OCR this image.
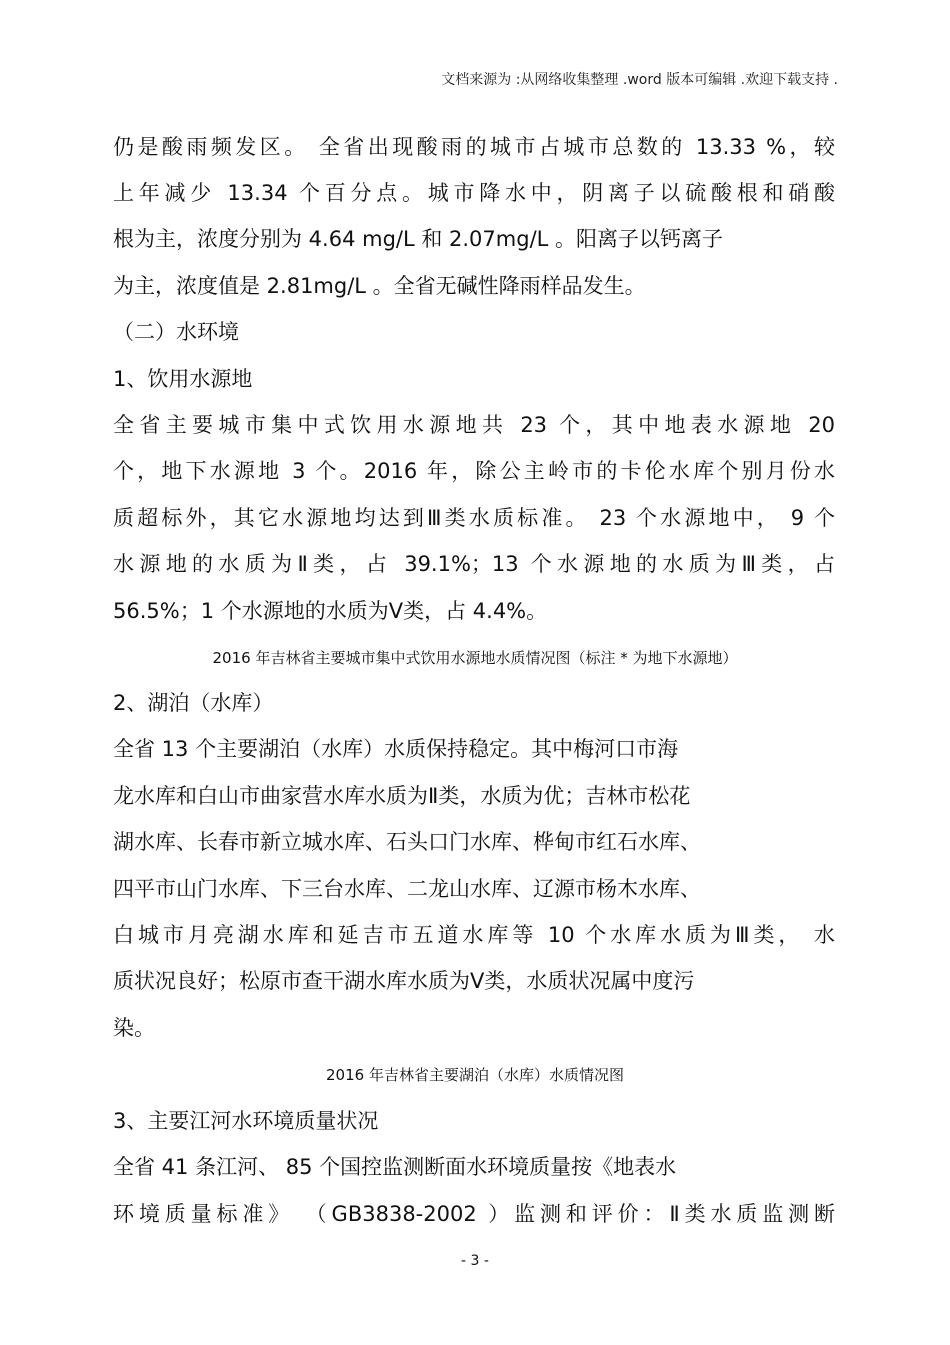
文档来源为 :从网络收集整理 .word 版本可编辑 .欢迎下载支持 .
仍是酸雨频发区。 全省出现酸雨的城市占城市总数的 13.33 %，较
上年减少 13.34 个百分点。城市降水中，阴离子以硫酸根和硝酸
根为主，浓度分别为 4.64 mg/L 和 2.07mg/L 。阳离子以钙离子
为主，浓度值是 2.81mg/L 。全省无碱性降雨样品发生。
（二）水环境
1、饮用水源地
全省主要城市集中式饮用水源地共 23 个，其中地表水源地 20
个，地下水源地 3 个。2016 年，除公主岭市的卡伦水库个别月份水
质超标外，其它水源地均达到Ⅲ类水质标准。 23 个水源地中， 9 个
水源地的水质为Ⅱ类，占 39.1%；13 个水源地的水质为Ⅲ类，占
56.5%；1 个水源地的水质为Ⅴ类，占 4.4%。
2016 年吉林省主要城市集中式饮用水源地水质情况图（标注 * 为地下水源地）
2、湖泊（水库）
全省 13 个主要湖泊（水库）水质保持稳定。其中梅河口市海
龙水库和白山市曲家营水库水质为Ⅱ类，水质为优；吉林市松花
湖水库、长春市新立城水库、石头口门水库、桦甸市红石水库、
四平市山门水库、下三台水库、二龙山水库、辽源市杨木水库、
白城市月亮湖水库和延吉市五道水库等 10 个水库水质为Ⅲ类， 水
质状况良好；松原市查干湖水库水质为Ⅴ类，水质状况属中度污
染。
2016 年吉林省主要湖泊（水库）水质情况图
3、主要江河水环境质量状况
全省 41 条江河、 85 个国控监测断面水环境质量按《地表水
环境质量标准》 （GB3838-2002 ）监测和评价：Ⅱ类水质监测断
- 3 -
